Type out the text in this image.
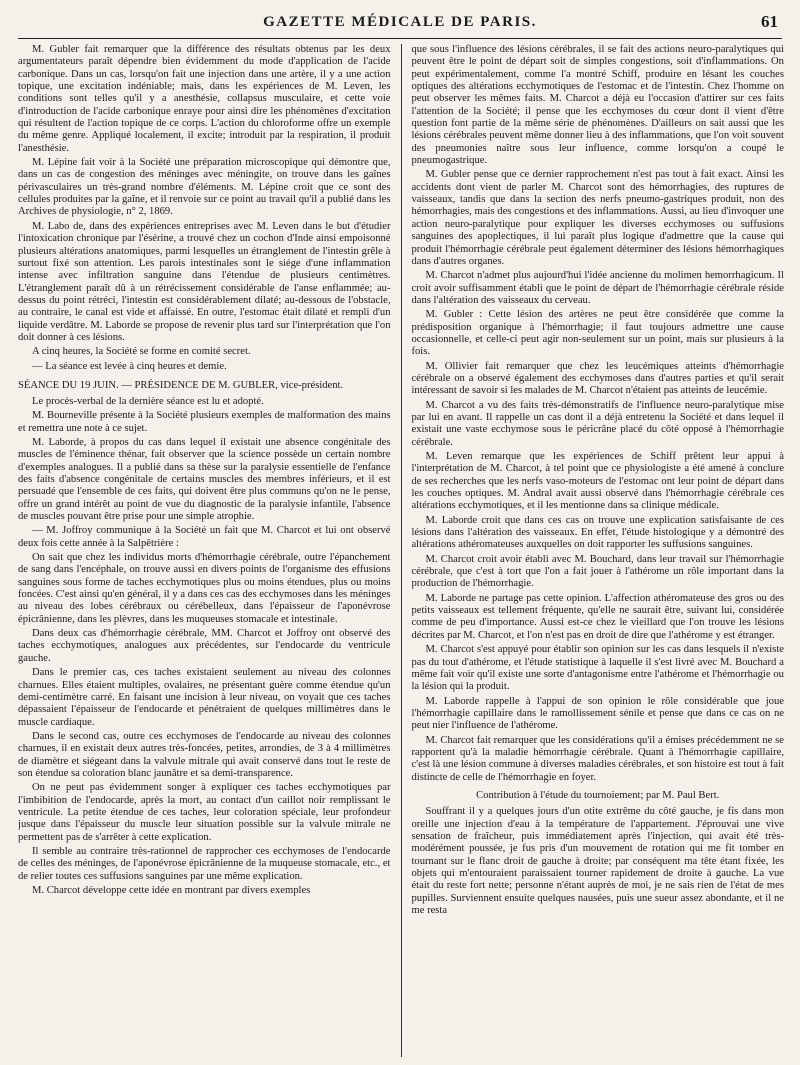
GAZETTE MÉDICALE DE PARIS.	61

M. Gubler fait remarquer que la différence des résultats obtenus par les deux argumentateurs paraît dépendre bien évidemment du mode d'application de l'acide carbonique. Dans un cas, lorsqu'on fait une injection dans une artère, il y a une action topique, une excitation indéniable; mais, dans les expériences de M. Leven, les conditions sont telles qu'il y a anesthésie, collapsus musculaire, et cette voie d'introduction de l'acide carbonique enraye pour ainsi dire les phénomènes d'excitation qui résultent de l'action topique de ce corps. L'action du chloroforme offre un exemple du même genre. Appliqué localement, il excite; introduit par la respiration, il produit l'anesthésie.

M. Lépine fait voir à la Société une préparation microscopique qui démontre que, dans un cas de congestion des méninges avec méningite, on trouve dans les gaînes périvasculaires un très-grand nombre d'éléments. M. Lépine croit que ce sont des cellules produites par la gaîne, et il renvoie sur ce point au travail qu'il a publié dans les Archives de physiologie, n° 2, 1869.

M. Labo de, dans des expériences entreprises avec M. Leven dans le but d'étudier l'intoxication chronique par l'ésérine, a trouvé chez un cochon d'Inde ainsi empoisonné plusieurs altérations anatomiques, parmi lesquelles un étranglement de l'intestin grêle à surtout fixé son attention. Les parois intestinales sont le siége d'une inflammation intense avec infiltration sanguine dans l'étendue de plusieurs centimètres. L'étranglement paraît dû à un rétrécissement considérable de l'anse enflammée; au-dessus du point rétréci, l'intestin est considérablement dilaté; au-dessous de l'obstacle, au contraire, le canal est vide et affaissé. En outre, l'estomac était dilaté et rempli d'un liquide verdâtre. M. Laborde se propose de revenir plus tard sur l'interprétation que l'on doit donner à ces lésions.

A cinq heures, la Société se forme en comité secret.

— La séance est levée à cinq heures et demie.

SÉANCE DU 19 JUIN. — PRÉSIDENCE DE M. GUBLER, vice-président.

Le procès-verbal de la dernière séance est lu et adopté.

M. Bourneville présente à la Société plusieurs exemples de malformation des mains et remettra une note à ce sujet.

M. Laborde, à propos du cas dans lequel il existait une absence congénitale des muscles de l'éminence thénar, fait observer que la science possède un certain nombre d'exemples analogues. Il a publié dans sa thèse sur la paralysie essentielle de l'enfance des faits d'absence congénitale de certains muscles des membres inférieurs, et il est persuadé que l'ensemble de ces faits, qui doivent être plus communs qu'on ne le pense, offre un grand intérêt au point de vue du diagnostic de la paralysie infantile, l'absence de muscles pouvant être prise pour une simple atrophie.

— M. Joffroy communique à la Société un fait que M. Charcot et lui ont observé deux fois cette année à la Salpêtrière :

On sait que chez les individus morts d'hémorrhagie cérébrale, outre l'épanchement de sang dans l'encéphale, on trouve aussi en divers points de l'organisme des effusions sanguines sous forme de taches ecchymotiques plus ou moins étendues, plus ou moins foncées. C'est ainsi qu'en général, il y a dans ces cas des ecchymoses dans les méninges au niveau des lobes cérébraux ou cérébelleux, dans l'épaisseur de l'aponévrose épicrânienne, dans les plèvres, dans les muqueuses stomacale et intestinale.

Dans deux cas d'hémorrhagie cérébrale, MM. Charcot et Joffroy ont observé des taches ecchymotiques, analogues aux précédentes, sur l'endocarde du ventricule gauche.

Dans le premier cas, ces taches existaient seulement au niveau des colonnes charnues. Elles étaient multiples, ovalaires, ne présentant guère comme étendue qu'un demi-centimètre carré. En faisant une incision à leur niveau, on voyait que ces taches dépassaient l'épaisseur de l'endocarde et pénétraient de quelques millimètres dans le muscle cardiaque.

Dans le second cas, outre ces ecchymoses de l'endocarde au niveau des colonnes charnues, il en existait deux autres très-foncées, petites, arrondies, de 3 à 4 millimètres de diamètre et siégeant dans la valvule mitrale qui avait conservé dans tout le reste de son étendue sa coloration blanc jaunâtre et sa demi-transparence.

On ne peut pas évidemment songer à expliquer ces taches ecchymotiques par l'imbibition de l'endocarde, après la mort, au contact d'un caillot noir remplissant le ventricule. La petite étendue de ces taches, leur coloration spéciale, leur profondeur jusque dans l'épaisseur du muscle leur situation possible sur la valvule mitrale ne permettent pas de s'arrêter à cette explication.

Il semble au contraire très-rationnel de rapprocher ces ecchymoses de l'endocarde de celles des méninges, de l'aponévrose épicrânienne de la muqueuse stomacale, etc., et de relier toutes ces suffusions sanguines par une même explication.

M. Charcot développe cette idée en montrant par divers exemples

que sous l'influence des lésions cérébrales, il se fait des actions neuro-paralytiques qui peuvent être le point de départ soit de simples congestions, soit d'inflammations. On peut expérimentalement, comme l'a montré Schiff, produire en lésant les couches optiques des altérations ecchymotiques de l'estomac et de l'intestin. Chez l'homme on peut observer les mêmes faits. M. Charcot a déjà eu l'occasion d'attirer sur ces faits l'attention de la Société; il pense que les ecchymoses du cœur dont il vient d'être question font partie de la même série de phénomènes. D'ailleurs on sait aussi que les lésions cérébrales peuvent même donner lieu à des inflammations, que l'on voit souvent des pneumonies naître sous leur influence, comme lorsqu'on a coupé le pneumogastrique.

M. Gubler pense que ce dernier rapprochement n'est pas tout à fait exact. Ainsi les accidents dont vient de parler M. Charcot sont des hémorrhagies, des ruptures de vaisseaux, tandis que dans la section des nerfs pneumo-gastriques produit, non des hémorrhagies, mais des congestions et des inflammations. Aussi, au lieu d'invoquer une action neuro-paralytique pour expliquer les diverses ecchymoses ou suffusions sanguines des apoplectiques, il lui paraît plus logique d'admettre que la cause qui produit l'hémorrhagie cérébrale peut également déterminer des lésions hémorrhagiques dans d'autres organes.

M. Charcot n'admet plus aujourd'hui l'idée ancienne du molimen hemorrhagicum. Il croit avoir suffisamment établi que le point de départ de l'hémorrhagie cérébrale réside dans l'altération des vaisseaux du cerveau.

M. Gubler : Cette lésion des artères ne peut être considérée que comme la prédisposition organique à l'hémorrhagie; il faut toujours admettre une cause occasionnelle, et celle-ci peut agir non-seulement sur un point, mais sur plusieurs à la fois.

M. Ollivier fait remarquer que chez les leucémiques atteints d'hémorrhagie cérébrale on a observé également des ecchymoses dans d'autres parties et qu'il serait intéressant de savoir si les malades de M. Charcot n'étaient pas atteints de leucémie.

M. Charcot a vu des faits très-démonstratifs de l'influence neuro-paralytique mise par lui en avant. Il rappelle un cas dont il a déjà entretenu la Société et dans lequel il existait une vaste ecchymose sous le péricrâne placé du côté opposé à l'hémorrhagie cérébrale.

M. Leven remarque que les expériences de Schiff prêtent leur appui à l'interprétation de M. Charcot, à tel point que ce physiologiste a été amené à conclure de ses recherches que les nerfs vaso-moteurs de l'estomac ont leur point de départ dans les couches optiques. M. Andral avait aussi observé dans l'hémorrhagie cérébrale ces altérations ecchymotiques, et il les mentionne dans sa clinique médicale.

M. Laborde croit que dans ces cas on trouve une explication satisfaisante de ces lésions dans l'altération des vaisseaux. En effet, l'étude histologique y a démontré des altérations athéromateuses auxquelles on doit rapporter les suffusions sanguines.

M. Charcot croit avoir établi avec M. Bouchard, dans leur travail sur l'hémorrhagie cérébrale, que c'est à tort que l'on a fait jouer à l'athérome un rôle important dans la production de l'hémorrhagie.

M. Laborde ne partage pas cette opinion. L'affection athéromateuse des gros ou des petits vaisseaux est tellement fréquente, qu'elle ne saurait être, suivant lui, considérée comme de peu d'importance. Aussi est-ce chez le vieillard que l'on trouve les lésions décrites par M. Charcot, et l'on n'est pas en droit de dire que l'athérome y est étranger.

M. Charcot s'est appuyé pour établir son opinion sur les cas dans lesquels il n'existe pas du tout d'athérome, et l'étude statistique à laquelle il s'est livré avec M. Bouchard a même fait voir qu'il existe une sorte d'antagonisme entre l'athérome et l'hémorrhagie ou la lésion qui la produit.

M. Laborde rappelle à l'appui de son opinion le rôle considérable que joue l'hémorrhagie capillaire dans le ramollissement sénile et pense que dans ce cas on ne peut nier l'influence de l'athérome.

M. Charcot fait remarquer que les considérations qu'il a émises précédemment ne se rapportent qu'à la maladie hémorrhagie cérébrale. Quant à l'hémorrhagie capillaire, c'est là une lésion commune à diverses maladies cérébrales, et son histoire est tout à fait distincte de celle de l'hémorrhagie en foyer.

Contribution à l'étude du tournoiement; par M. Paul Bert.

Souffrant il y a quelques jours d'un otite extrême du côté gauche, je fis dans mon oreille une injection d'eau à la température de l'appartement. J'éprouvai une vive sensation de fraîcheur, puis immédiatement après l'injection, qui avait été très-modérément poussée, je fus pris d'un mouvement de rotation qui me fit tomber en tournant sur le flanc droit de gauche à droite; par conséquent ma tête étant fixée, les objets qui m'entouraient paraissaient tourner rapidement de droite à gauche. La vue était du reste fort nette; personne n'étant auprès de moi, je ne sais rien de l'état de mes pupilles. Surviennent ensuite quelques nausées, puis une sueur assez abondante, et il ne me resta
